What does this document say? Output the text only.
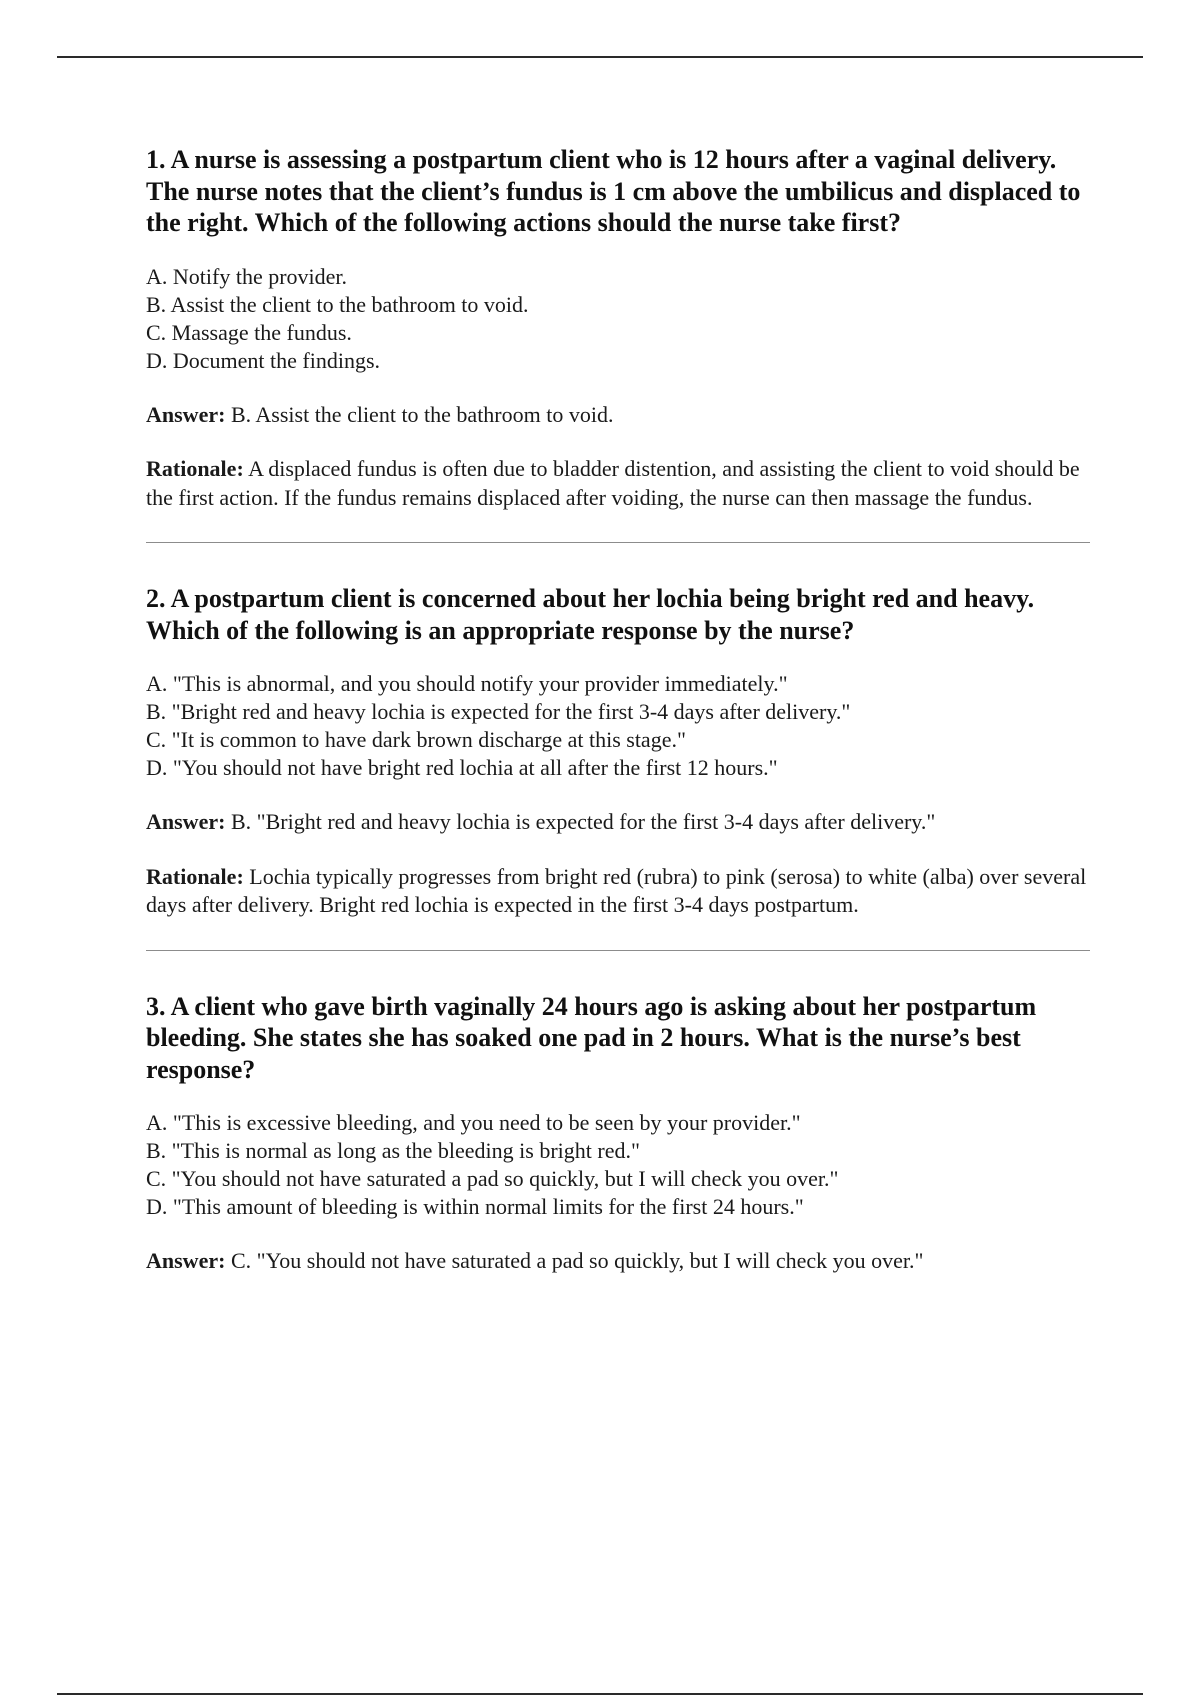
1. A nurse is assessing a postpartum client who is 12 hours after a vaginal delivery. The nurse notes that the client’s fundus is 1 cm above the umbilicus and displaced to the right. Which of the following actions should the nurse take first?

A. Notify the provider.
B. Assist the client to the bathroom to void.
C. Massage the fundus.
D. Document the findings.

Answer: B. Assist the client to the bathroom to void.

Rationale: A displaced fundus is often due to bladder distention, and assisting the client to void should be the first action. If the fundus remains displaced after voiding, the nurse can then massage the fundus.

2. A postpartum client is concerned about her lochia being bright red and heavy. Which of the following is an appropriate response by the nurse?

A. "This is abnormal, and you should notify your provider immediately."
B. "Bright red and heavy lochia is expected for the first 3-4 days after delivery."
C. "It is common to have dark brown discharge at this stage."
D. "You should not have bright red lochia at all after the first 12 hours."

Answer: B. "Bright red and heavy lochia is expected for the first 3-4 days after delivery."

Rationale: Lochia typically progresses from bright red (rubra) to pink (serosa) to white (alba) over several days after delivery. Bright red lochia is expected in the first 3-4 days postpartum.

3. A client who gave birth vaginally 24 hours ago is asking about her postpartum bleeding. She states she has soaked one pad in 2 hours. What is the nurse’s best response?

A. "This is excessive bleeding, and you need to be seen by your provider."
B. "This is normal as long as the bleeding is bright red."
C. "You should not have saturated a pad so quickly, but I will check you over."
D. "This amount of bleeding is within normal limits for the first 24 hours."

Answer: C. "You should not have saturated a pad so quickly, but I will check you over."
